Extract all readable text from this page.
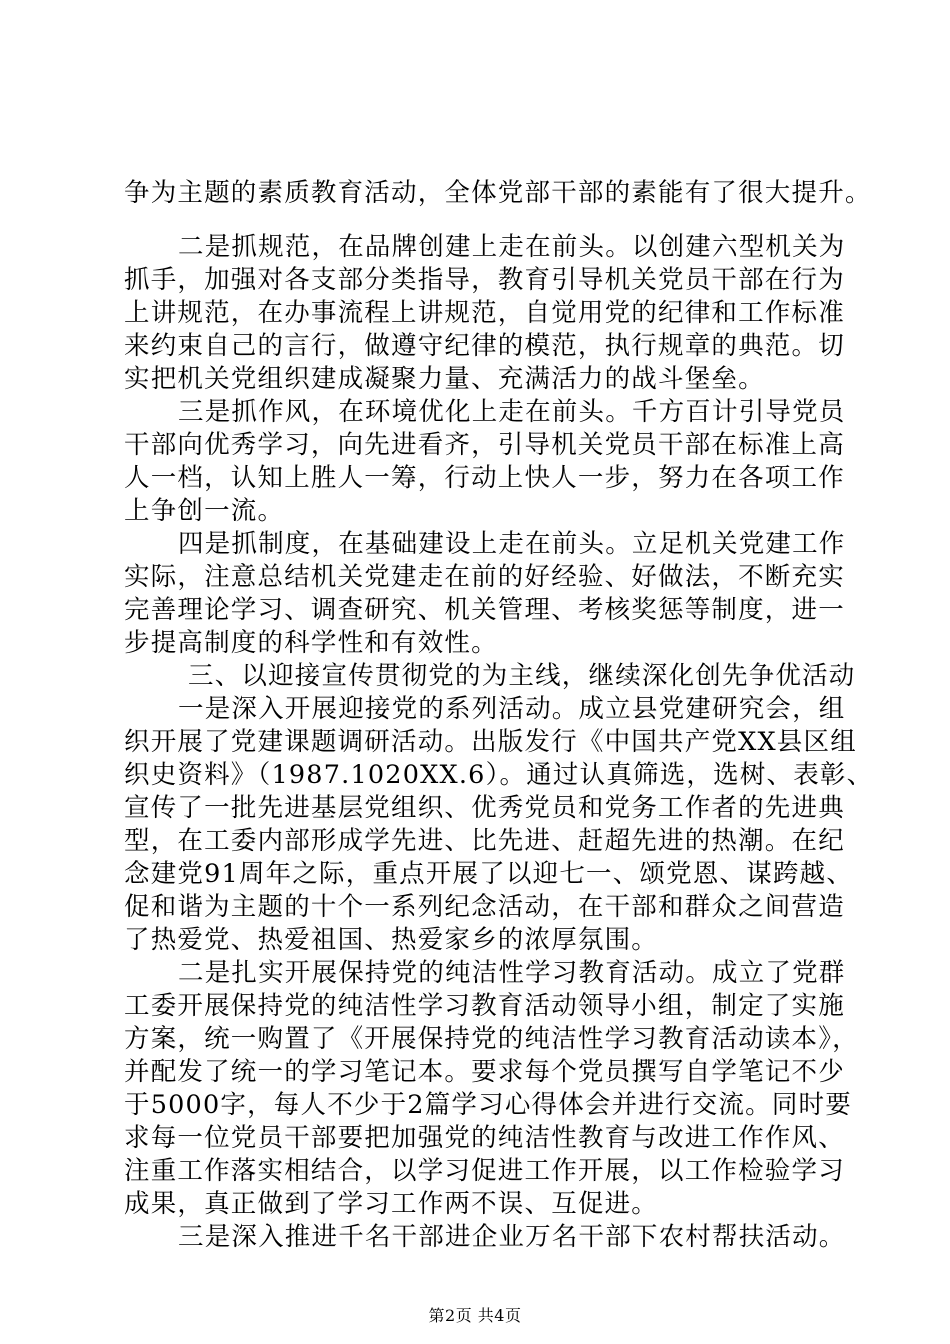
争为主题的素质教育活动，全体党部干部的素能有了很大提升。
二是抓规范，在品牌创建上走在前头。以创建六型机关为
抓手，加强对各支部分类指导，教育引导机关党员干部在行为
上讲规范，在办事流程上讲规范，自觉用党的纪律和工作标准
来约束自己的言行，做遵守纪律的模范，执行规章的典范。切
实把机关党组织建成凝聚力量、充满活力的战斗堡垒。
三是抓作风，在环境优化上走在前头。千方百计引导党员
干部向优秀学习，向先进看齐，引导机关党员干部在标准上高
人一档，认知上胜人一筹，行动上快人一步，努力在各项工作
上争创一流。
四是抓制度，在基础建设上走在前头。立足机关党建工作
实际，注意总结机关党建走在前的好经验、好做法，不断充实
完善理论学习、调查研究、机关管理、考核奖惩等制度，进一
步提高制度的科学性和有效性。
三、以迎接宣传贯彻党的为主线，继续深化创先争优活动
一是深入开展迎接党的系列活动。成立县党建研究会，组
织开展了党建课题调研活动。出版发行《中国共产党XX县区组
织史资料》（1987.1020XX.6）。通过认真筛选，选树、表彰、
宣传了一批先进基层党组织、优秀党员和党务工作者的先进典
型，在工委内部形成学先进、比先进、赶超先进的热潮。在纪
念建党91周年之际，重点开展了以迎七一、颂党恩、谋跨越、
促和谐为主题的十个一系列纪念活动，在干部和群众之间营造
了热爱党、热爱祖国、热爱家乡的浓厚氛围。
二是扎实开展保持党的纯洁性学习教育活动。成立了党群
工委开展保持党的纯洁性学习教育活动领导小组，制定了实施
方案，统一购置了《开展保持党的纯洁性学习教育活动读本》，
并配发了统一的学习笔记本。要求每个党员撰写自学笔记不少
于5000字，每人不少于2篇学习心得体会并进行交流。同时要
求每一位党员干部要把加强党的纯洁性教育与改进工作作风、
注重工作落实相结合，以学习促进工作开展，以工作检验学习
成果，真正做到了学习工作两不误、互促进。
三是深入推进千名干部进企业万名干部下农村帮扶活动。
第2页 共4页
